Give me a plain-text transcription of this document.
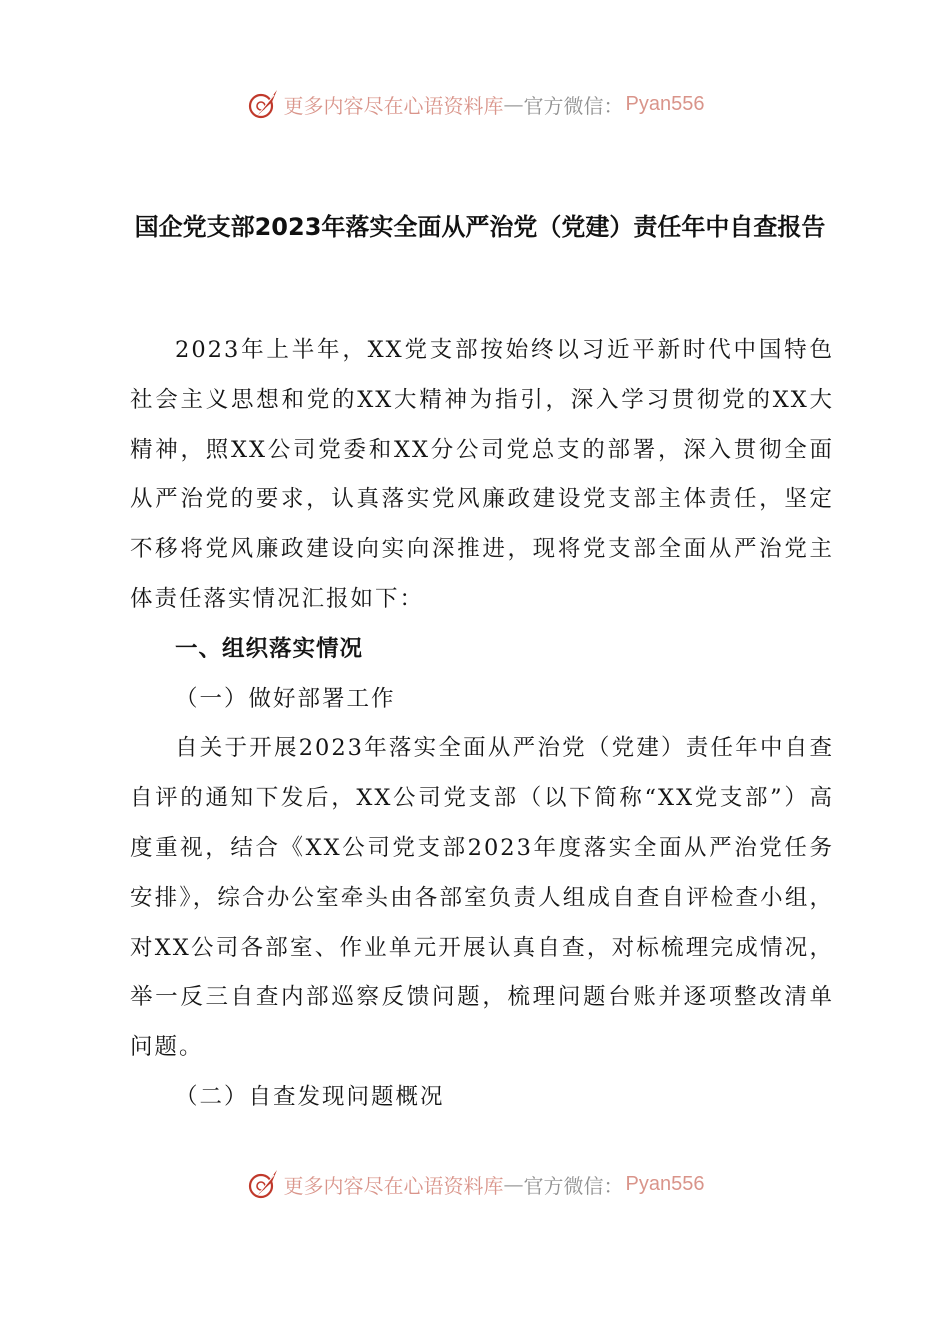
更多内容尽在心语资料库 — 官方微信： Pyan556
国企党支部2023年落实全面从严治党（党建）责任年中自查报告

2023年上半年，XX党支部按始终以习近平新时代中国特色社会主义思想和党的XX大精神为指引，深入学习贯彻党的XX大精神，照XX公司党委和XX分公司党总支的部署，深入贯彻全面从严治党的要求，认真落实党风廉政建设党支部主体责任，坚定不移将党风廉政建设向实向深推进，现将党支部全面从严治党主体责任落实情况汇报如下：

一、组织落实情况
（一）做好部署工作

自关于开展2023年落实全面从严治党（党建）责任年中自查自评的通知下发后，XX公司党支部（以下简称“XX党支部”）高度重视，结合《XX公司党支部2023年度落实全面从严治党任务安排》，综合办公室牵头由各部室负责人组成自查自评检查小组，对XX公司各部室、作业单元开展认真自查，对标梳理完成情况，举一反三自查内部巡察反馈问题，梳理问题台账并逐项整改清单问题。

（二）自查发现问题概况
更多内容尽在心语资料库 — 官方微信： Pyan556
